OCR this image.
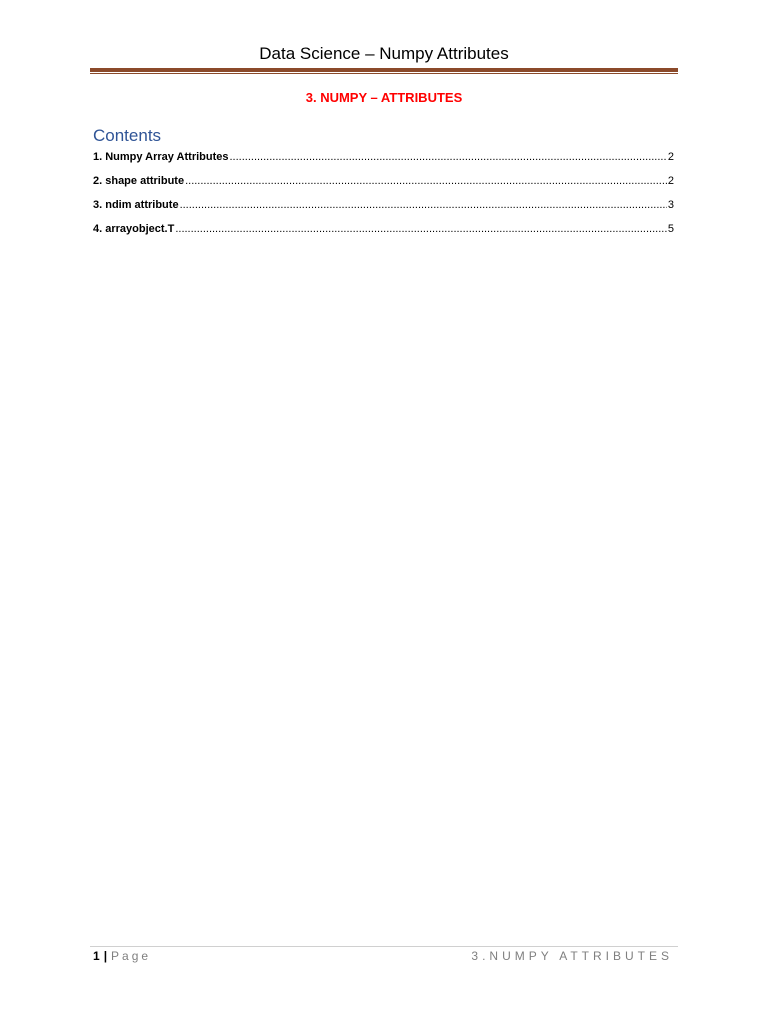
Data Science – Numpy Attributes
3. NUMPY – ATTRIBUTES
Contents
1. Numpy Array Attributes .....	2
2. shape attribute .....	2
3. ndim attribute .....	3
4. arrayobject.T .....	5
1 | Page	3.NUMPY ATTRIBUTES
